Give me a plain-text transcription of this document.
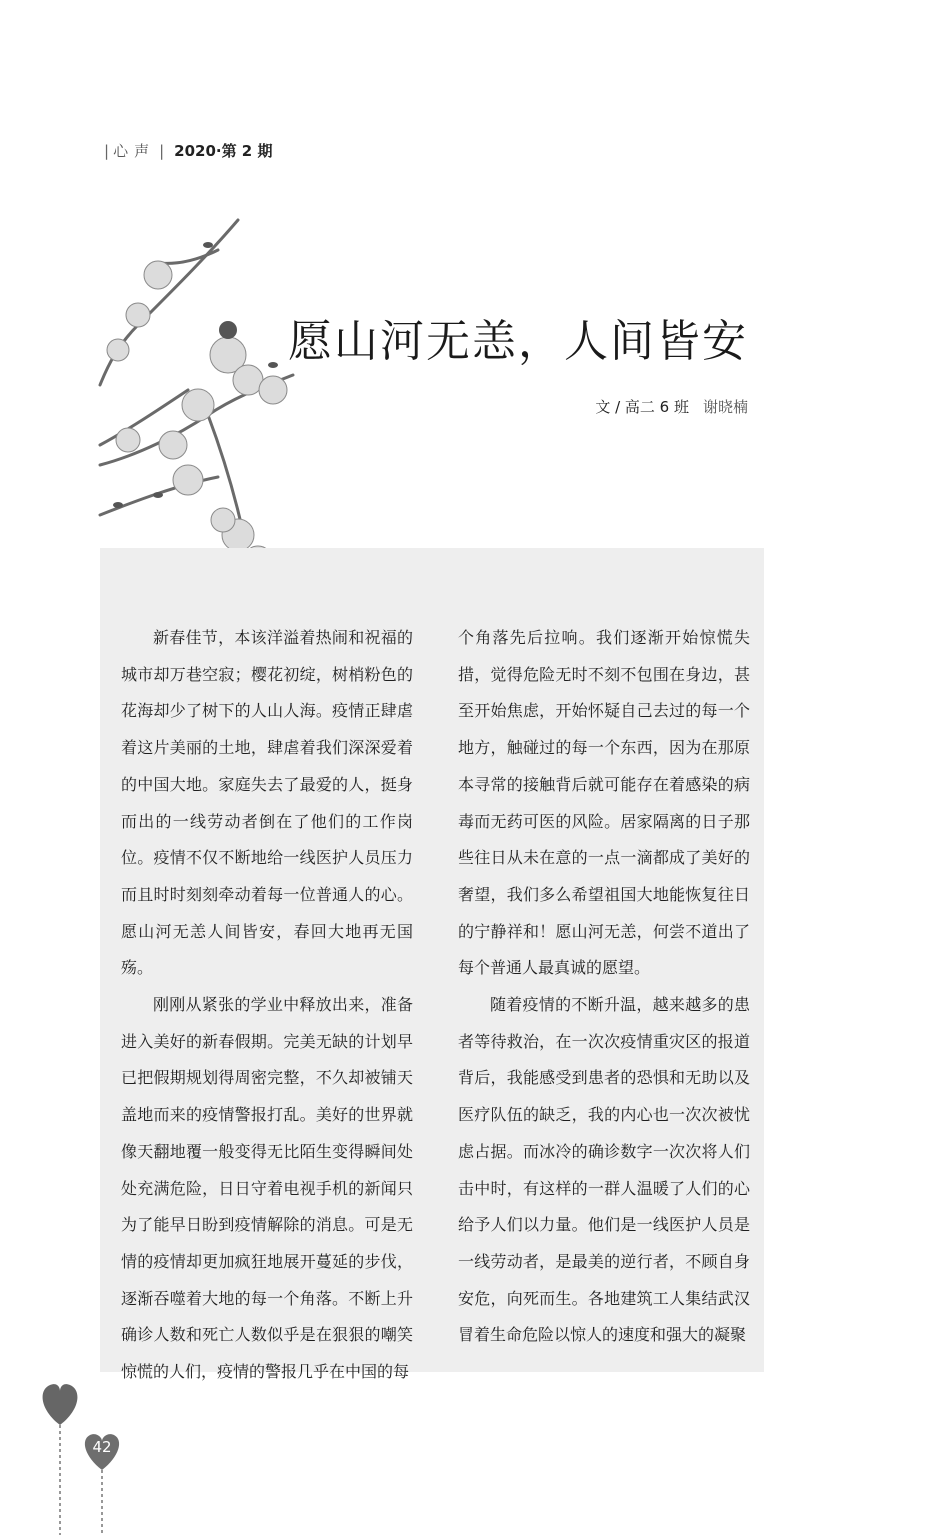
| 心声 | 2020·第 2 期
愿山河无恙，人间皆安
文 / 高二 6 班 谢晓楠

新春佳节，本该洋溢着热闹和祝福的城市却万巷空寂；樱花初绽，树梢粉色的花海却少了树下的人山人海。疫情正肆虐着这片美丽的土地，肆虐着我们深深爱着的中国大地。家庭失去了最爱的人，挺身而出的一线劳动者倒在了他们的工作岗位。疫情不仅不断地给一线医护人员压力而且时时刻刻牵动着每一位普通人的心。愿山河无恙人间皆安，春回大地再无国殇。

刚刚从紧张的学业中释放出来，准备进入美好的新春假期。完美无缺的计划早已把假期规划得周密完整，不久却被铺天盖地而来的疫情警报打乱。美好的世界就像天翻地覆一般变得无比陌生变得瞬间处处充满危险，日日守着电视手机的新闻只为了能早日盼到疫情解除的消息。可是无情的疫情却更加疯狂地展开蔓延的步伐，逐渐吞噬着大地的每一个角落。不断上升确诊人数和死亡人数似乎是在狠狠的嘲笑惊慌的人们，疫情的警报几乎在中国的每

个角落先后拉响。我们逐渐开始惊慌失措，觉得危险无时不刻不包围在身边，甚至开始焦虑，开始怀疑自己去过的每一个地方，触碰过的每一个东西，因为在那原本寻常的接触背后就可能存在着感染的病毒而无药可医的风险。居家隔离的日子那些往日从未在意的一点一滴都成了美好的奢望，我们多么希望祖国大地能恢复往日的宁静祥和！愿山河无恙，何尝不道出了每个普通人最真诚的愿望。

随着疫情的不断升温，越来越多的患者等待救治，在一次次疫情重灾区的报道背后，我能感受到患者的恐惧和无助以及医疗队伍的缺乏，我的内心也一次次被忧虑占据。而冰冷的确诊数字一次次将人们击中时，有这样的一群人温暖了人们的心给予人们以力量。他们是一线医护人员是一线劳动者，是最美的逆行者，不顾自身安危，向死而生。各地建筑工人集结武汉冒着生命危险以惊人的速度和强大的凝聚

42
